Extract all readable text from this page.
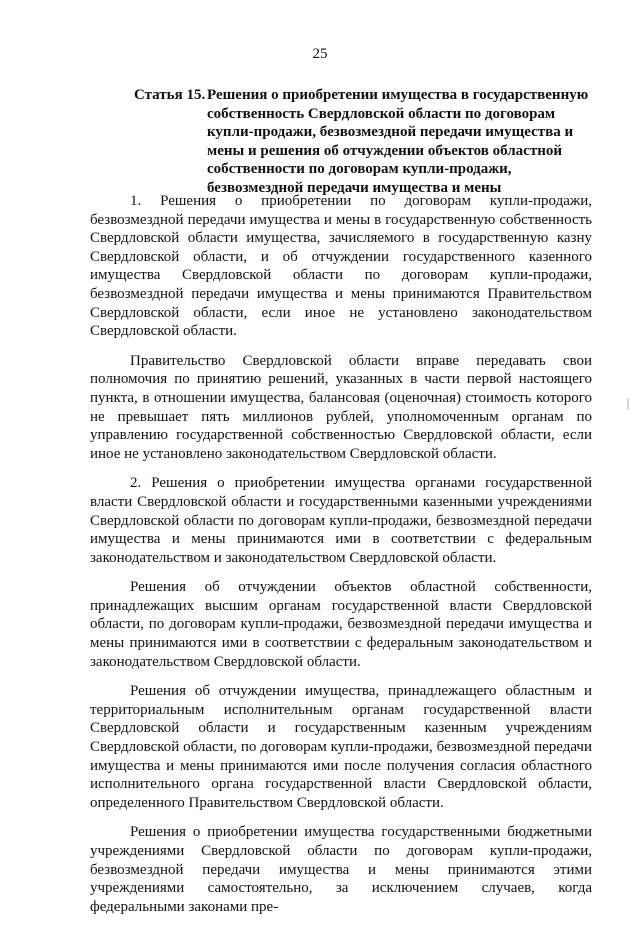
25
Статья 15. Решения о приобретении имущества в государственную собственность Свердловской области по договорам купли-продажи, безвозмездной передачи имущества и мены и решения об отчуждении объектов областной собственности по договорам купли-продажи, безвозмездной передачи имущества и мены

1. Решения о приобретении по договорам купли-продажи, безвозмездной передачи имущества и мены в государственную собственность Свердловской области имущества, зачисляемого в государственную казну Свердловской области, и об отчуждении государственного казенного имущества Свердловской области по договорам купли-продажи, безвозмездной передачи имущества и мены принимаются Правительством Свердловской области, если иное не установлено законодательством Свердловской области.

Правительство Свердловской области вправе передавать свои полномочия по принятию решений, указанных в части первой настоящего пункта, в отношении имущества, балансовая (оценочная) стоимость которого не превышает пять миллионов рублей, уполномоченным органам по управлению государственной собственностью Свердловской области, если иное не установлено законодательством Свердловской области.

2. Решения о приобретении имущества органами государственной власти Свердловской области и государственными казенными учреждениями Свердловской области по договорам купли-продажи, безвозмездной передачи имущества и мены принимаются ими в соответствии с федеральным законодательством и законодательством Свердловской области.

Решения об отчуждении объектов областной собственности, принадлежащих высшим органам государственной власти Свердловской области, по договорам купли-продажи, безвозмездной передачи имущества и мены принимаются ими в соответствии с федеральным законодательством и законодательством Свердловской области.

Решения об отчуждении имущества, принадлежащего областным и территориальным исполнительным органам государственной власти Свердловской области и государственным казенным учреждениям Свердловской области, по договорам купли-продажи, безвозмездной передачи имущества и мены принимаются ими после получения согласия областного исполнительного органа государственной власти Свердловской области, определенного Правительством Свердловской области.

Решения о приобретении имущества государственными бюджетными учреждениями Свердловской области по договорам купли-продажи, безвозмездной передачи имущества и мены принимаются этими учреждениями самостоятельно, за исключением случаев, когда федеральными законами пре-
